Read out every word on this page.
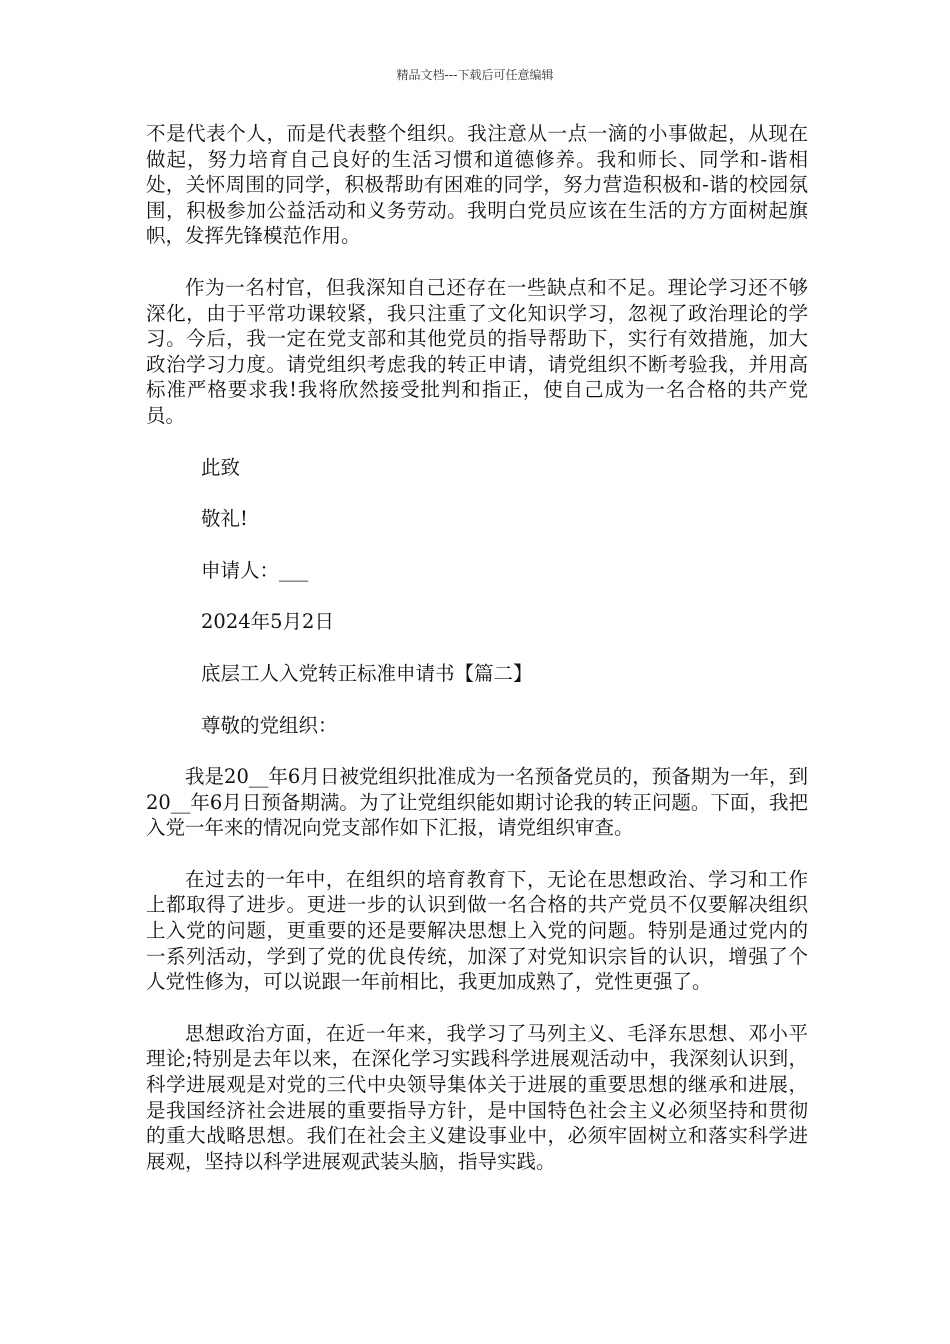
精品文档---下载后可任意编辑

不是代表个人，而是代表整个组织。我注意从一点一滴的小事做起，从现在做起，努力培育自己良好的生活习惯和道德修养。我和师长、同学和-谐相处，关怀周围的同学，积极帮助有困难的同学，努力营造积极和-谐的校园氛围，积极参加公益活动和义务劳动。我明白党员应该在生活的方方面树起旗帜，发挥先锋模范作用。

作为一名村官，但我深知自己还存在一些缺点和不足。理论学习还不够深化，由于平常功课较紧，我只注重了文化知识学习，忽视了政治理论的学习。今后，我一定在党支部和其他党员的指导帮助下，实行有效措施，加大政治学习力度。请党组织考虑我的转正申请，请党组织不断考验我，并用高标准严格要求我!我将欣然接受批判和指正，使自己成为一名合格的共产党员。

此致

敬礼!

申请人：___

2024年5月2日

底层工人入党转正标准申请书【篇二】

尊敬的党组织：

我是20__年6月日被党组织批准成为一名预备党员的，预备期为一年，到20__年6月日预备期满。为了让党组织能如期讨论我的转正问题。下面，我把入党一年来的情况向党支部作如下汇报，请党组织审查。

在过去的一年中，在组织的培育教育下，无论在思想政治、学习和工作上都取得了进步。更进一步的认识到做一名合格的共产党员不仅要解决组织上入党的问题，更重要的还是要解决思想上入党的问题。特别是通过党内的一系列活动，学到了党的优良传统，加深了对党知识宗旨的认识，增强了个人党性修为，可以说跟一年前相比，我更加成熟了，党性更强了。

思想政治方面，在近一年来，我学习了马列主义、毛泽东思想、邓小平理论;特别是去年以来，在深化学习实践科学进展观活动中，我深刻认识到，科学进展观是对党的三代中央领导集体关于进展的重要思想的继承和进展，是我国经济社会进展的重要指导方针，是中国特色社会主义必须坚持和贯彻的重大战略思想。我们在社会主义建设事业中，必须牢固树立和落实科学进展观，坚持以科学进展观武装头脑，指导实践。
